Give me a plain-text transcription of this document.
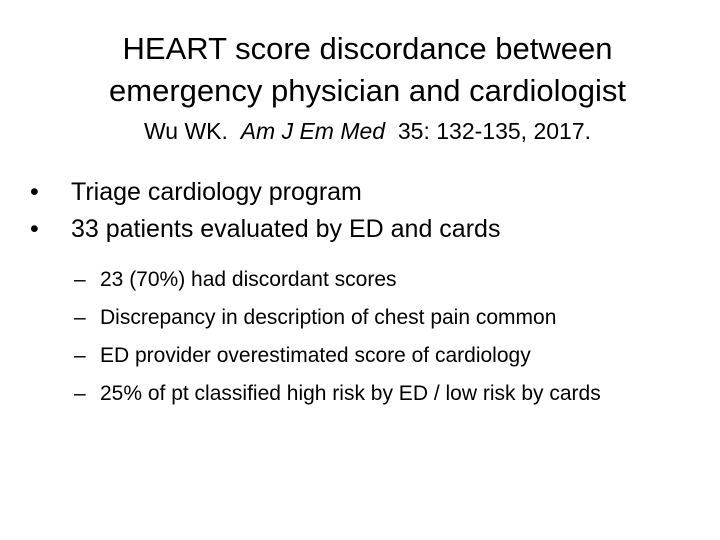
HEART score discordance between
emergency physician and cardiologist
Wu WK. Am J Em Med 35: 132-135, 2017.
• Triage cardiology program
• 33 patients evaluated by ED and cards
– 23 (70%) had discordant scores
– Discrepancy in description of chest pain common
– ED provider overestimated score of cardiology
– 25% of pt classified high risk by ED / low risk by cards
